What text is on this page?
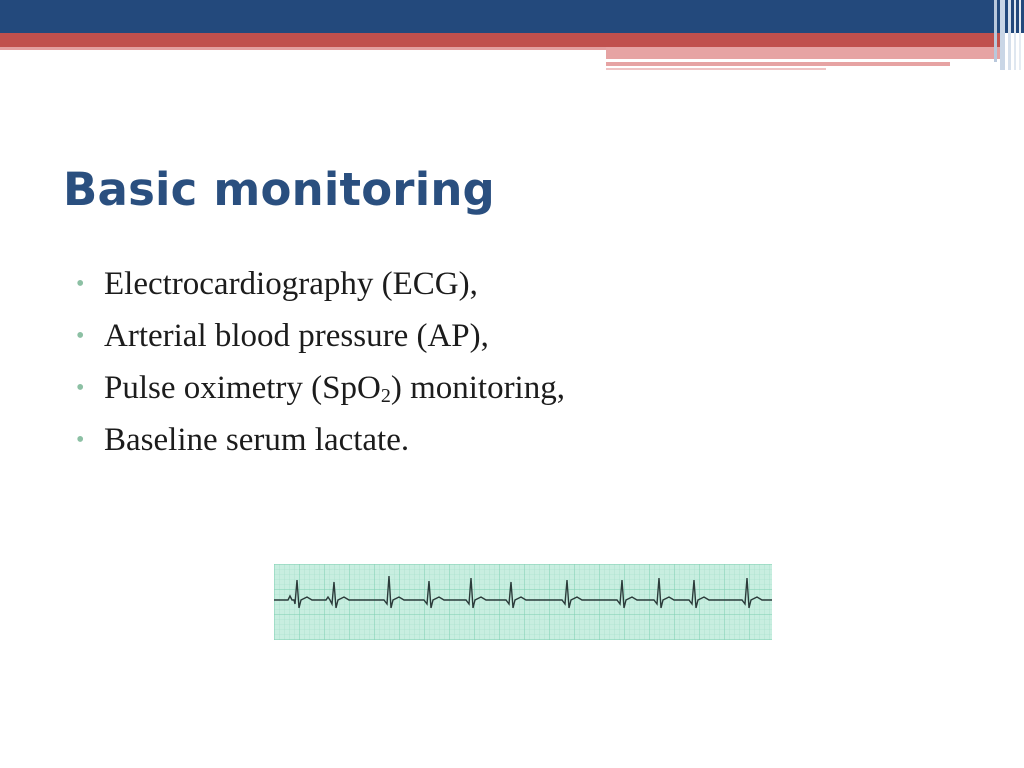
Basic monitoring
• Electrocardiography (ECG),
• Arterial blood pressure (AP),
• Pulse oximetry (SpO$_2$) monitoring,
• Baseline serum lactate.
